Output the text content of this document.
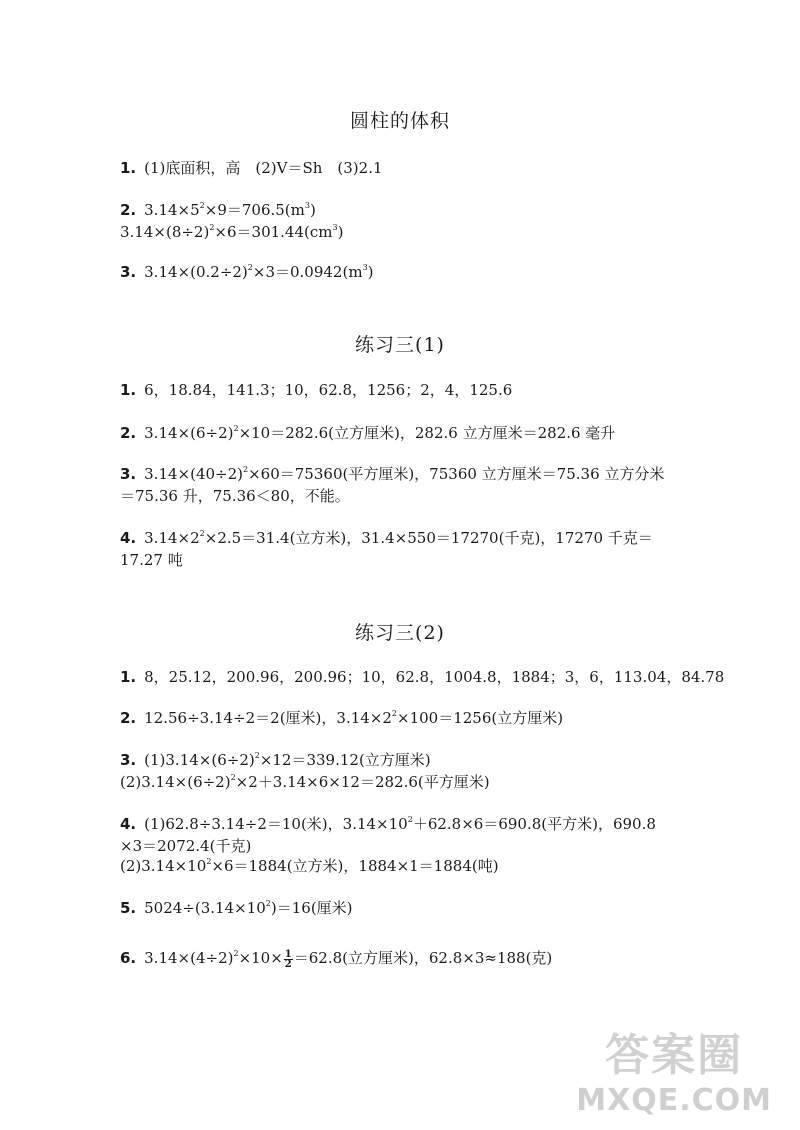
圆柱的体积
1. (1)底面积，高　(2)V＝Sh　(3)2.1
2. $3.14\times 5^2\times 9=706.5(m^3)$
$3.14\times(8\div 2)^2\times 6=301.44(cm^3)$
3. $3.14\times(0.2\div 2)^2\times 3=0.0942(m^3)$
练习三(1)
1. 6，18.84，141.3；10，62.8，1256；2，4，125.6
2. $3.14\times(6\div 2)^2\times 10=282.6$(立方厘米)，282.6 立方厘米＝282.6 毫升
3. $3.14\times(40\div 2)^2\times 60=75360$(平方厘米)，75360 立方厘米＝75.36 立方分米
＝75.36 升，75.36＜80，不能。
4. $3.14\times 2^2\times 2.5=31.4$(立方米)，31.4×550＝17270(千克)，17270 千克＝
17.27 吨
练习三(2)
1. 8，25.12，200.96，200.96；10，62.8，1004.8，1884；3，6，113.04，84.78
2. 12.56÷3.14÷2＝2(厘米)，$3.14\times 2^2\times 100=1256$(立方厘米)
3. $(1)3.14\times(6\div 2)^2\times 12=339.12$(立方厘米)
$(2)3.14\times(6\div 2)^2\times 2+3.14\times 6\times 12=282.6$(平方厘米)
4. (1)62.8÷3.14÷2＝10(米)，$3.14\times 10^2+62.8\times 6=690.8$(平方米)，690.8
×3＝2072.4(千克)
$(2)3.14\times 10^2\times 6=1884$(立方米)，1884×1＝1884(吨)
5. $5024\div(3.14\times 10^2)=16$(厘米)
6. $3.14\times(4\div 2)^2\times 10\times \frac{1}{2} =62.8$(立方厘米)，62.8×3≈188(克)
答案圈
MXQE.COM
